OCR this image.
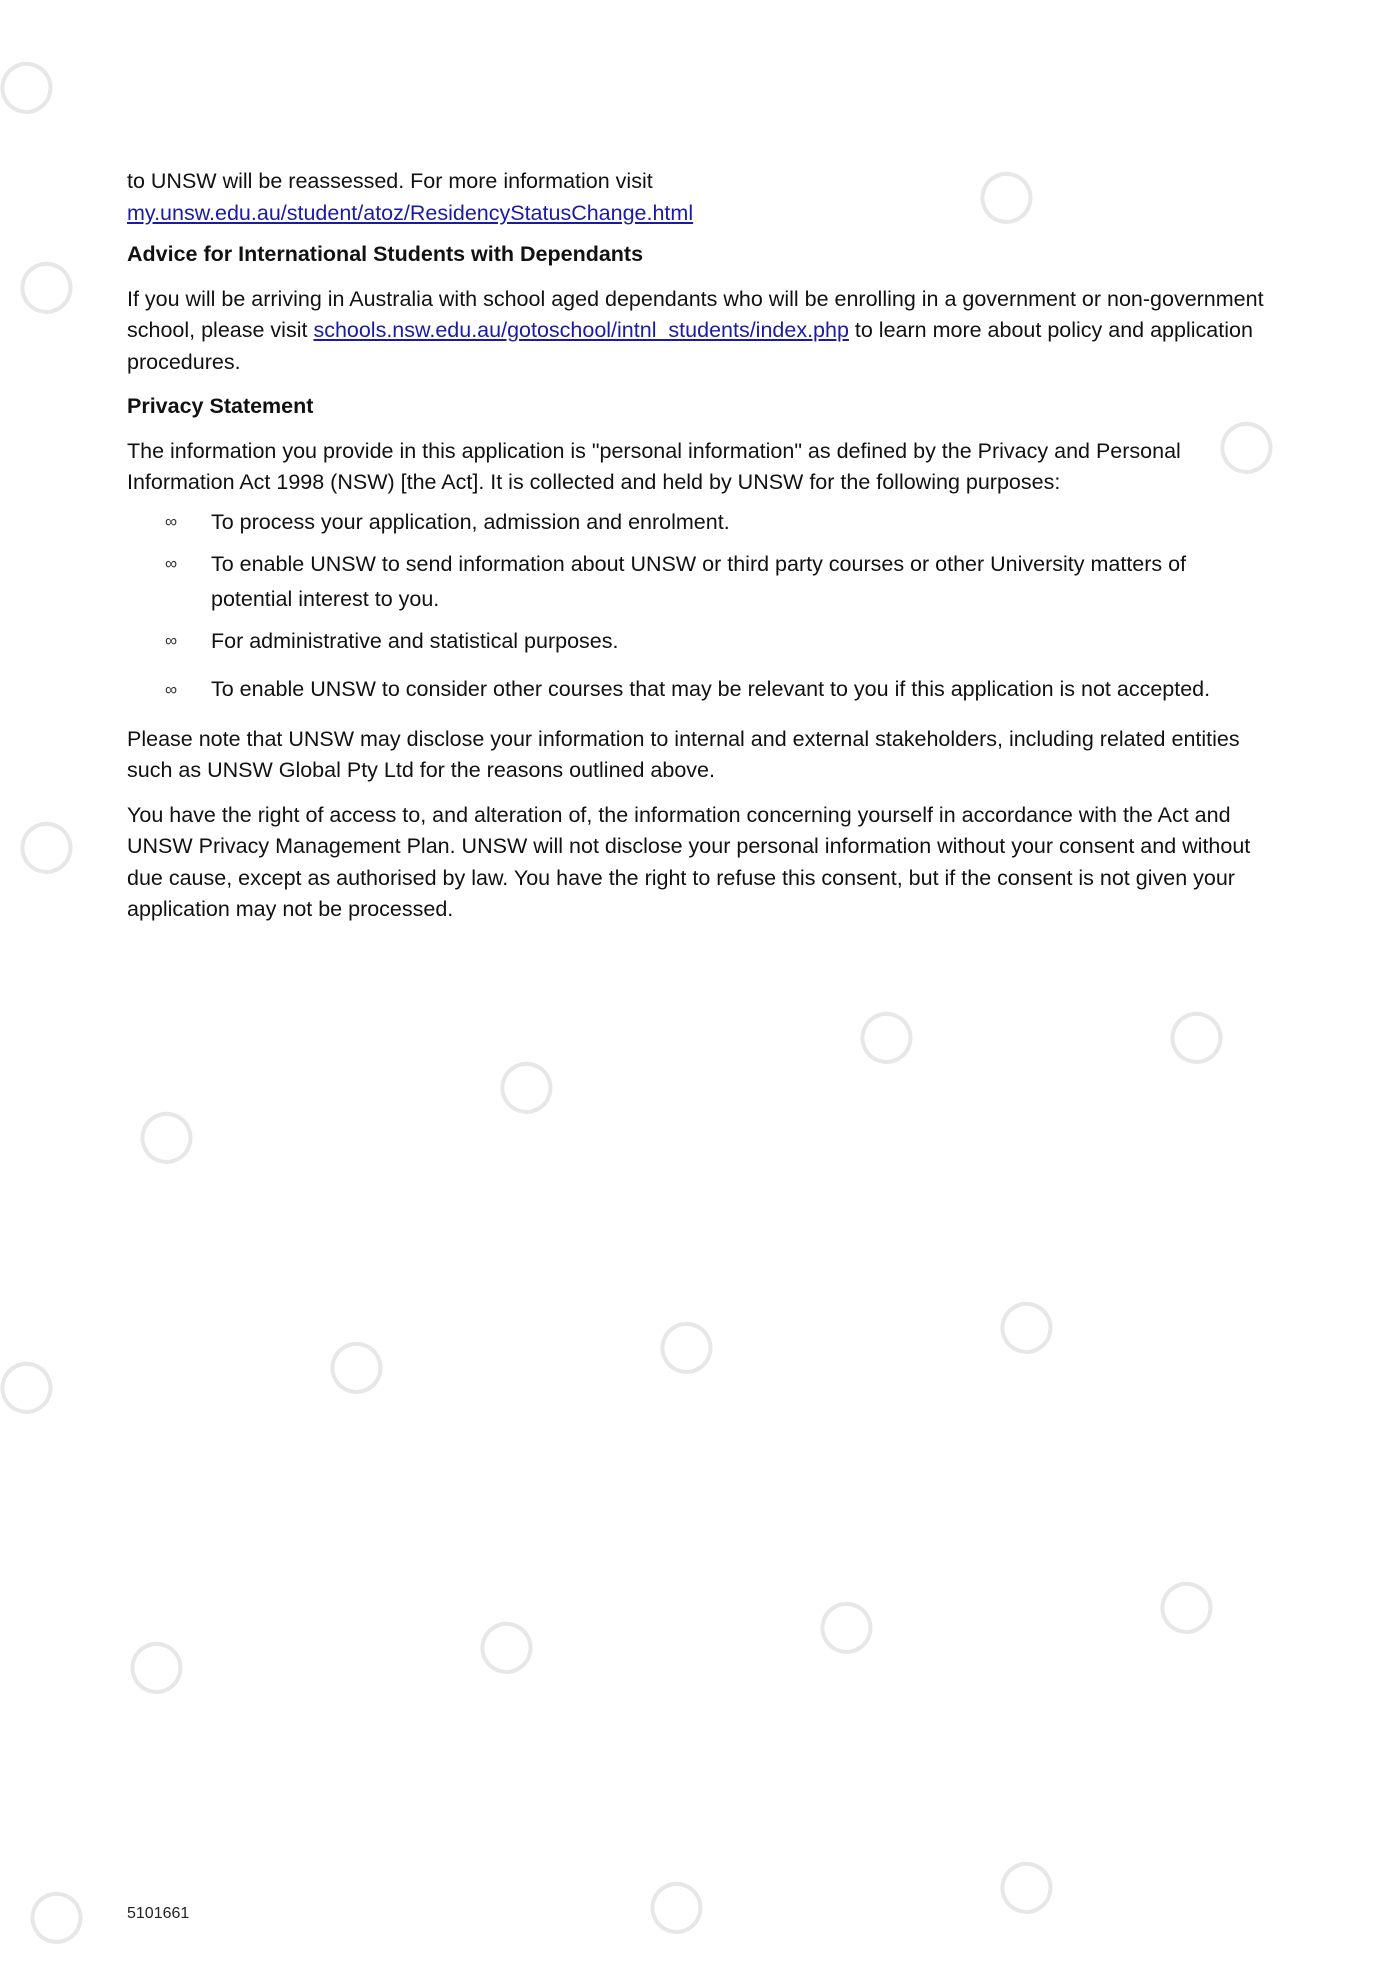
to UNSW will be reassessed. For more information visit
my.unsw.edu.au/student/atoz/ResidencyStatusChange.html

Advice for International Students with Dependants

If you will be arriving in Australia with school aged dependants who will be enrolling in a government or non-government school, please visit schools.nsw.edu.au/gotoschool/intnl_students/index.php to learn more about policy and application procedures.

Privacy Statement

The information you provide in this application is "personal information" as defined by the Privacy and Personal Information Act 1998 (NSW) [the Act]. It is collected and held by UNSW for the following purposes:

∞ To process your application, admission and enrolment.
∞ To enable UNSW to send information about UNSW or third party courses or other University matters of potential interest to you.
∞ For administrative and statistical purposes.
∞ To enable UNSW to consider other courses that may be relevant to you if this application is not accepted.

Please note that UNSW may disclose your information to internal and external stakeholders, including related entities such as UNSW Global Pty Ltd for the reasons outlined above.

You have the right of access to, and alteration of, the information concerning yourself in accordance with the Act and UNSW Privacy Management Plan. UNSW will not disclose your personal information without your consent and without due cause, except as authorised by law. You have the right to refuse this consent, but if the consent is not given your application may not be processed.

5101661
